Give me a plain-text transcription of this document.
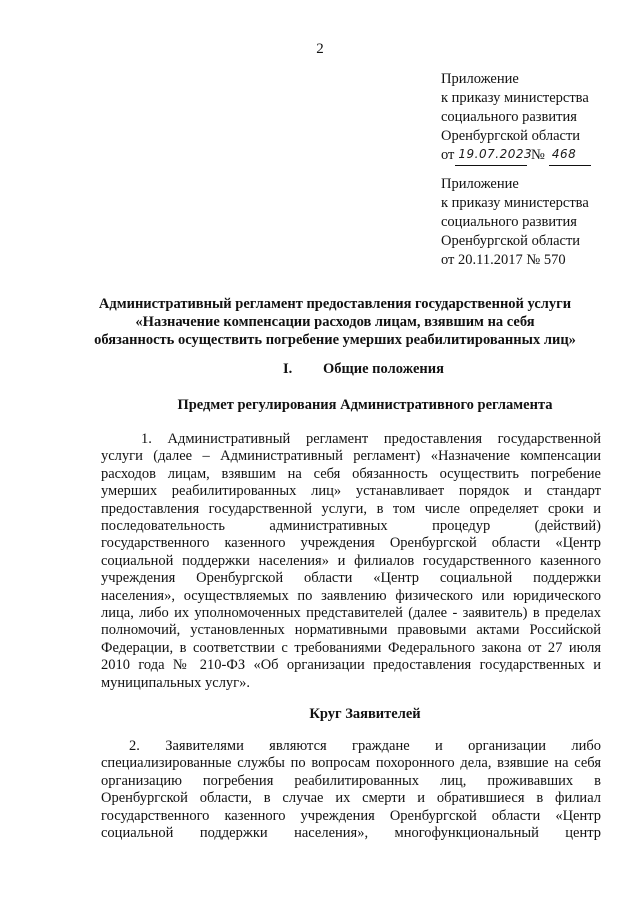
2

Приложение

к приказу министерства

социального развития

Оренбургской области

от 19.07.2023
№ 468

Приложение

к приказу министерства

социального развития

Оренбургской области

от 20.11.2017 № 570

Административный регламент предоставления государственной услуги

«Назначение компенсации расходов лицам, взявшим на себя

обязанность осуществить погребение умерших реабилитированных лиц»

I. Общие положения
Предмет регулирования Административного регламента
1. Административный регламент предоставления государственной
услуги (далее – Административный регламент) «Назначение компенсации
расходов лицам, взявшим на себя обязанность осуществить погребение
умерших реабилитированных лиц» устанавливает порядок и стандарт
предоставления государственной услуги, в том числе определяет сроки и
последовательность административных процедур (действий)
государственного казенного учреждения Оренбургской области «Центр
социальной поддержки населения» и филиалов государственного казенного
учреждения Оренбургской области «Центр социальной поддержки
населения», осуществляемых по заявлению физического или юридического
лица, либо их уполномоченных представителей (далее - заявитель) в пределах
полномочий, установленных нормативными правовыми актами Российской
Федерации, в соответствии с требованиями Федерального закона от 27 июля
2010 года № 210-ФЗ «Об организации предоставления государственных и
муниципальных услуг».
Круг Заявителей
2. Заявителями являются граждане и организации либо
специализированные службы по вопросам похоронного дела, взявшие на себя
организацию погребения реабилитированных лиц, проживавших в
Оренбургской области, в случае их смерти и обратившиеся в филиал
государственного казенного учреждения Оренбургской области «Центр
социальной поддержки населения», многофункциональный центр
